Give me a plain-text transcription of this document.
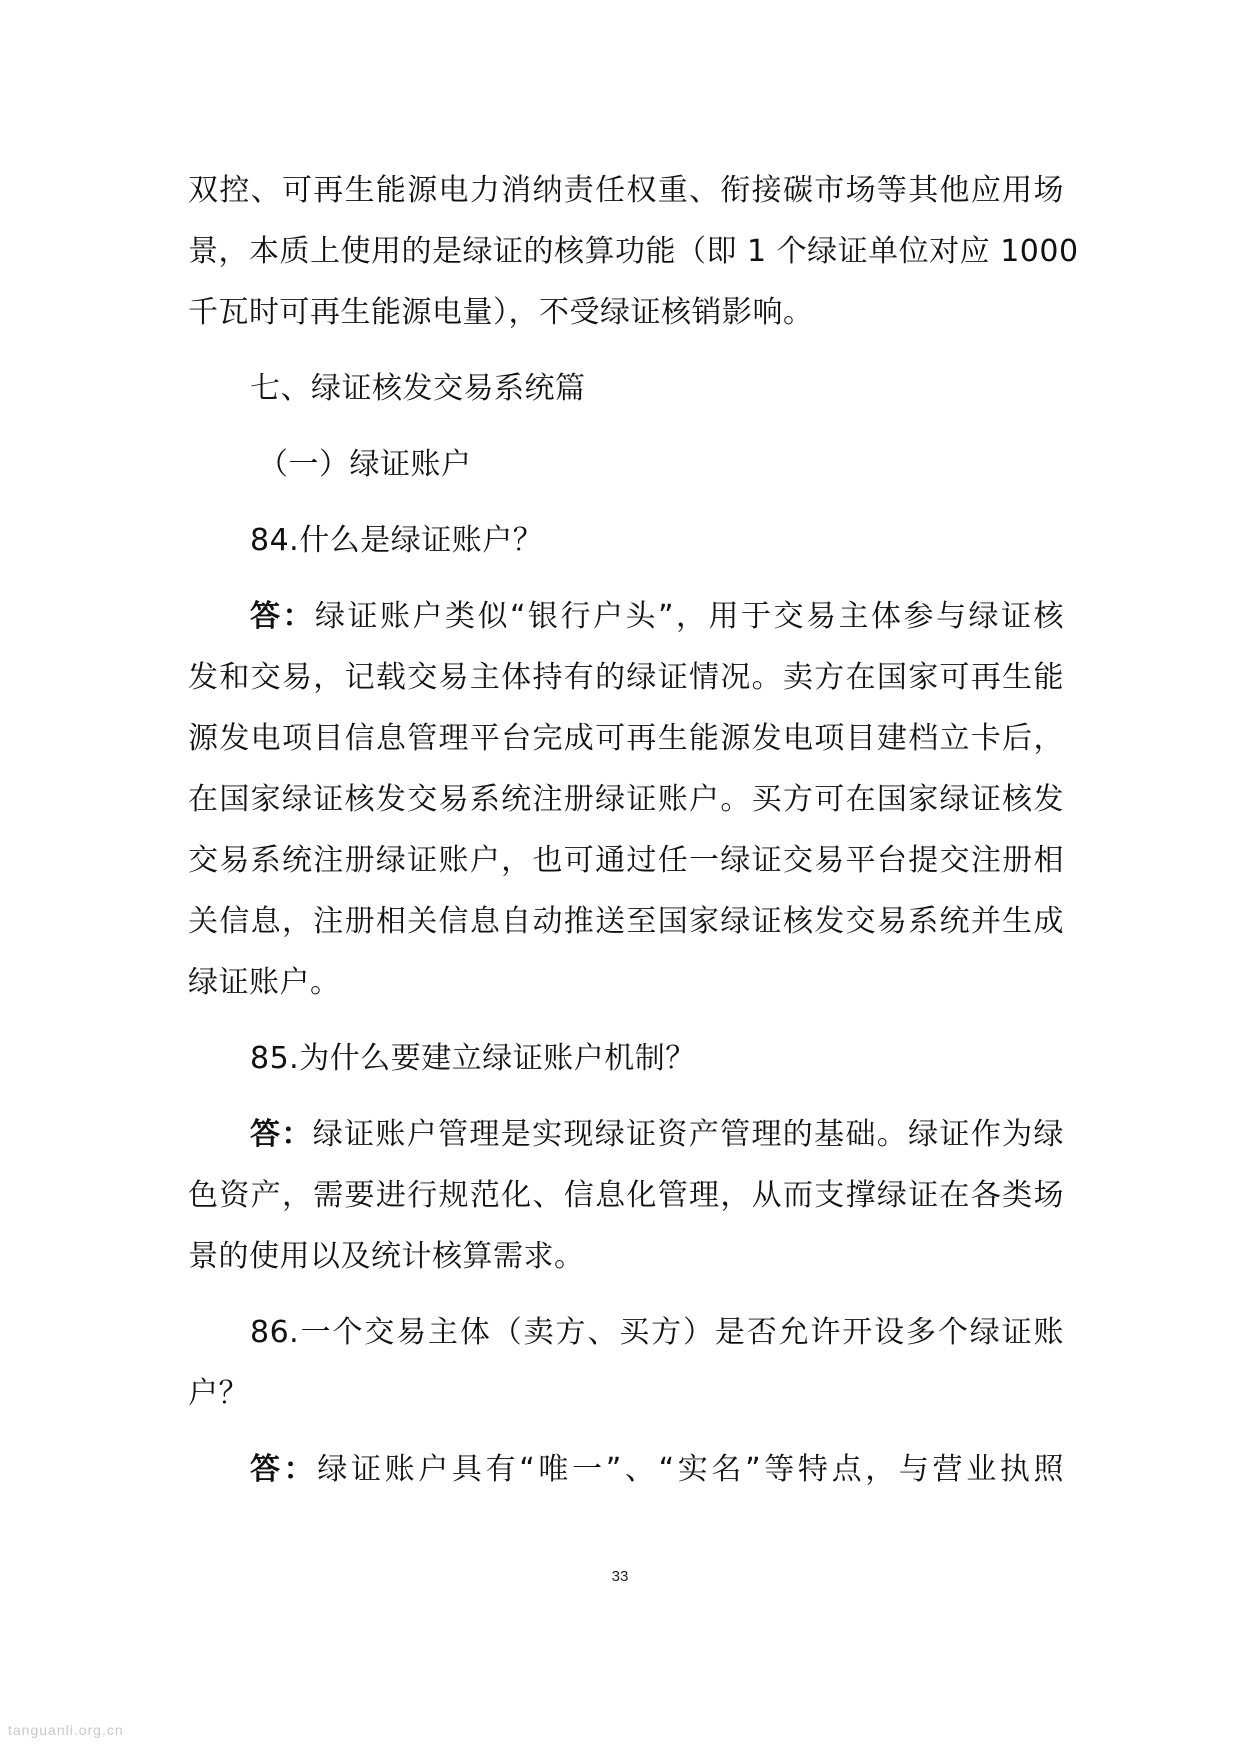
双控、可再生能源电力消纳责任权重、衔接碳市场等其他应用场
景，本质上使用的是绿证的核算功能（即 1 个绿证单位对应 1000
千瓦时可再生能源电量），不受绿证核销影响。
七、绿证核发交易系统篇
（一）绿证账户
84.什么是绿证账户？
答：绿证账户类似“银行户头”，用于交易主体参与绿证核
发和交易，记载交易主体持有的绿证情况。卖方在国家可再生能
源发电项目信息管理平台完成可再生能源发电项目建档立卡后，
在国家绿证核发交易系统注册绿证账户。买方可在国家绿证核发
交易系统注册绿证账户，也可通过任一绿证交易平台提交注册相
关信息，注册相关信息自动推送至国家绿证核发交易系统并生成
绿证账户。
85.为什么要建立绿证账户机制？
答：绿证账户管理是实现绿证资产管理的基础。绿证作为绿
色资产，需要进行规范化、信息化管理，从而支撑绿证在各类场
景的使用以及统计核算需求。
86.一个交易主体（卖方、买方）是否允许开设多个绿证账
户？
答：绿证账户具有“唯一”、“实名”等特点，与营业执照
33
tanguanli.org.cn
